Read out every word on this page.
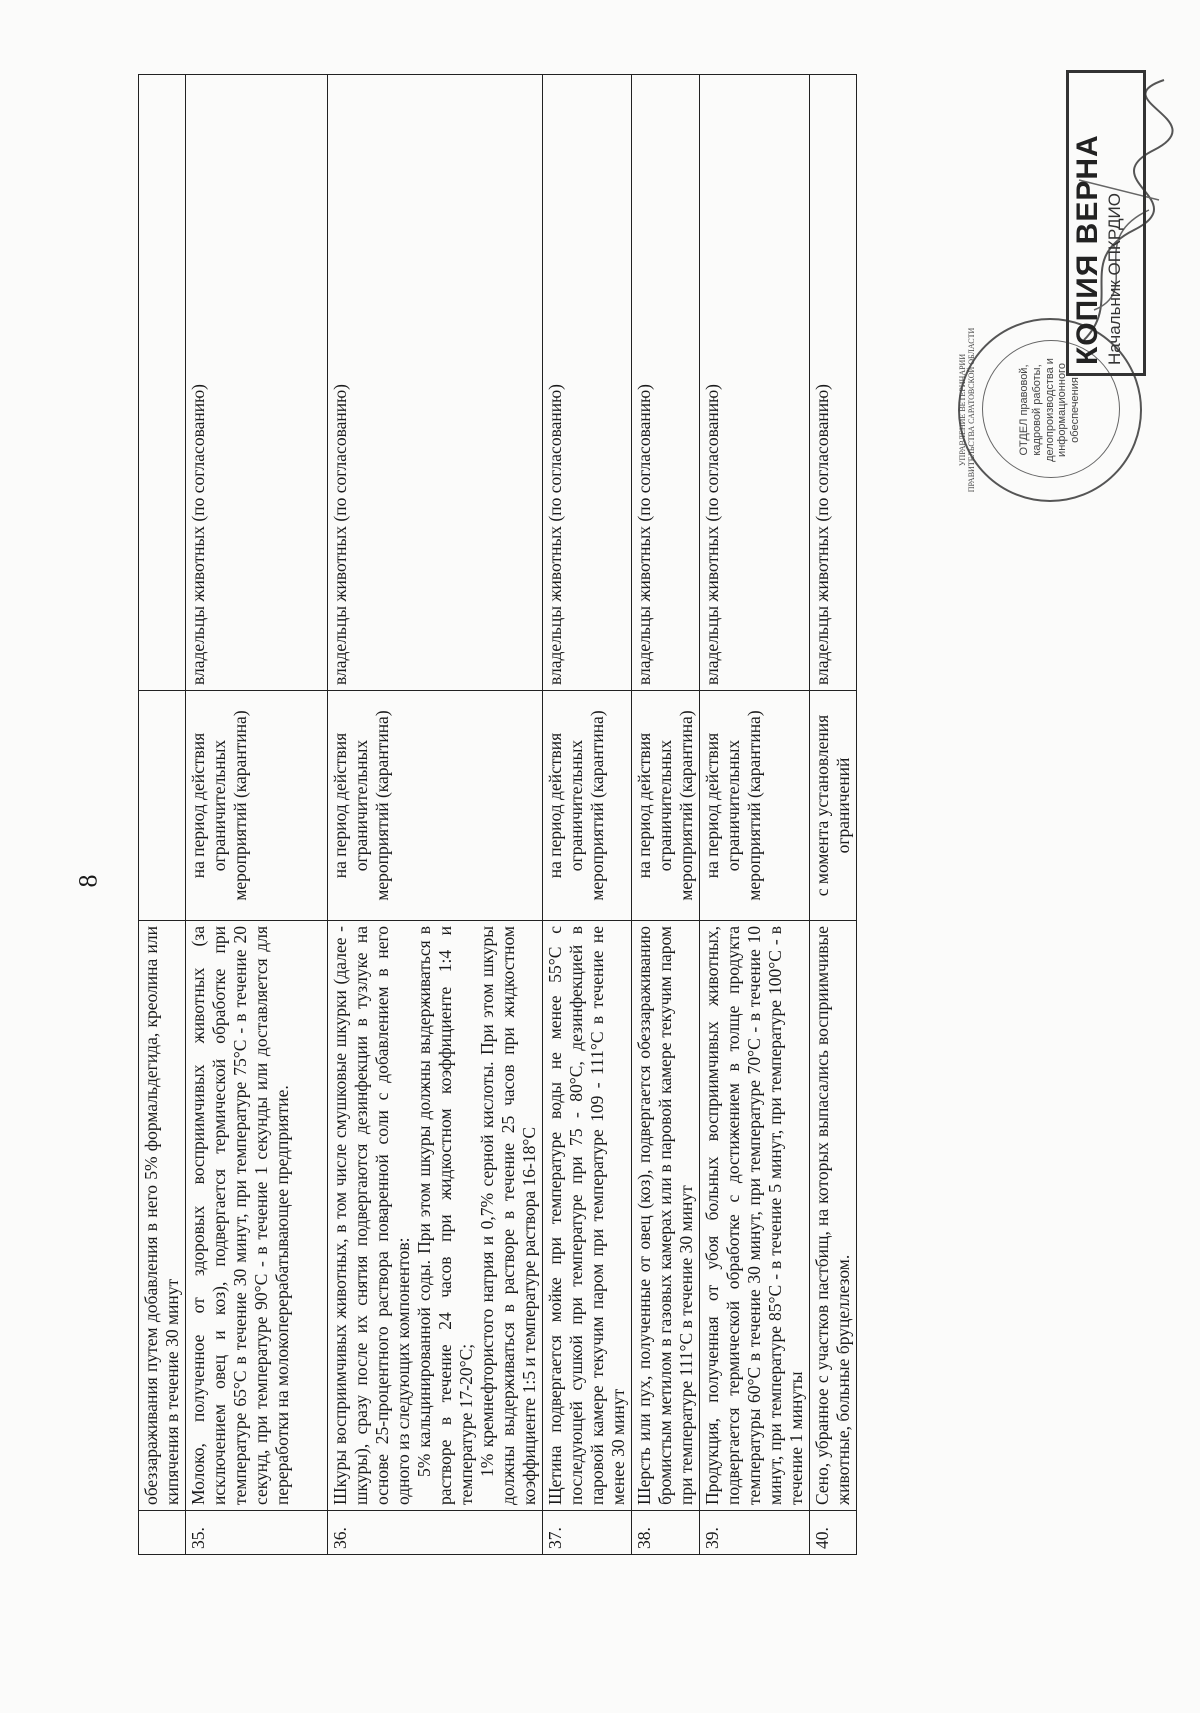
8

	обеззараживания путем добавления в него 5% формальдегида, креолина или кипячения в течение 30 минут		

35.	Молоко, полученное от здоровых восприимчивых животных (за исключением овец и коз), подвергается термической обработке при температуре 65°С в течение 30 минут, при температуре 75°С - в течение 20 секунд, при температуре 90°С - в течение 1 секунды или доставляется для переработки на молокоперерабатывающее предприятие.	на период действия ограничительных мероприятий (карантина)	владельцы животных (по согласованию)
36.	Шкуры восприимчивых животных, в том числе смушковые шкурки (далее - шкуры), сразу после их снятия подвергаются дезинфекции в тузлуке на основе 25-процентного раствора поваренной соли с добавлением в него одного из следующих компонентов: 5% кальцинированной соды. При этом шкуры должны выдерживаться в растворе в течение 24 часов при жидкостном коэффициенте 1:4 и температуре 17-20°С; 1% кремнефтористого натрия и 0,7% серной кислоты. При этом шкуры должны выдерживаться в растворе в течение 25 часов при жидкостном коэффициенте 1:5 и температуре раствора 16-18°С	на период действия ограничительных мероприятий (карантина)	владельцы животных (по согласованию)
37.	Щетина подвергается мойке при температуре воды не менее 55°С с последующей сушкой при температуре при 75 - 80°С, дезинфекцией в паровой камере текучим паром при температуре 109 - 111°С в течение не менее 30 минут	на период действия ограничительных мероприятий (карантина)	владельцы животных (по согласованию)
38.	Шерсть или пух, полученные от овец (коз), подвергается обеззараживанию бромистым метилом в газовых камерах или в паровой камере текучим паром при температуре 111°С в течение 30 минут	на период действия ограничительных мероприятий (карантина)	владельцы животных (по согласованию)
39.	Продукция, полученная от убоя больных восприимчивых животных, подвергается термической обработке с достижением в толще продукта температуры 60°С в течение 30 минут, при температуре 70°С - в течение 10 минут, при температуре 85°С - в течение 5 минут, при температуре 100°С - в течение 1 минуты	на период действия ограничительных мероприятий (карантина)	владельцы животных (по согласованию)
40.	Сено, убранное с участков пастбищ, на которых выпасались восприимчивые животные, больные бруцеллезом.	с момента установления ограничений	владельцы животных (по согласованию)	УПРАВЛЕНИЕ ВЕТЕРИНАРИИ ПРАВИТЕЛЬСТВА САРАТОВСКОЙ ОБЛАСТИ	ОТДЕЛ правовой, кадровой работы, делопроизводства и информационного обеспечения
КОПИЯ ВЕРНА Начальник ОПКРДИО
